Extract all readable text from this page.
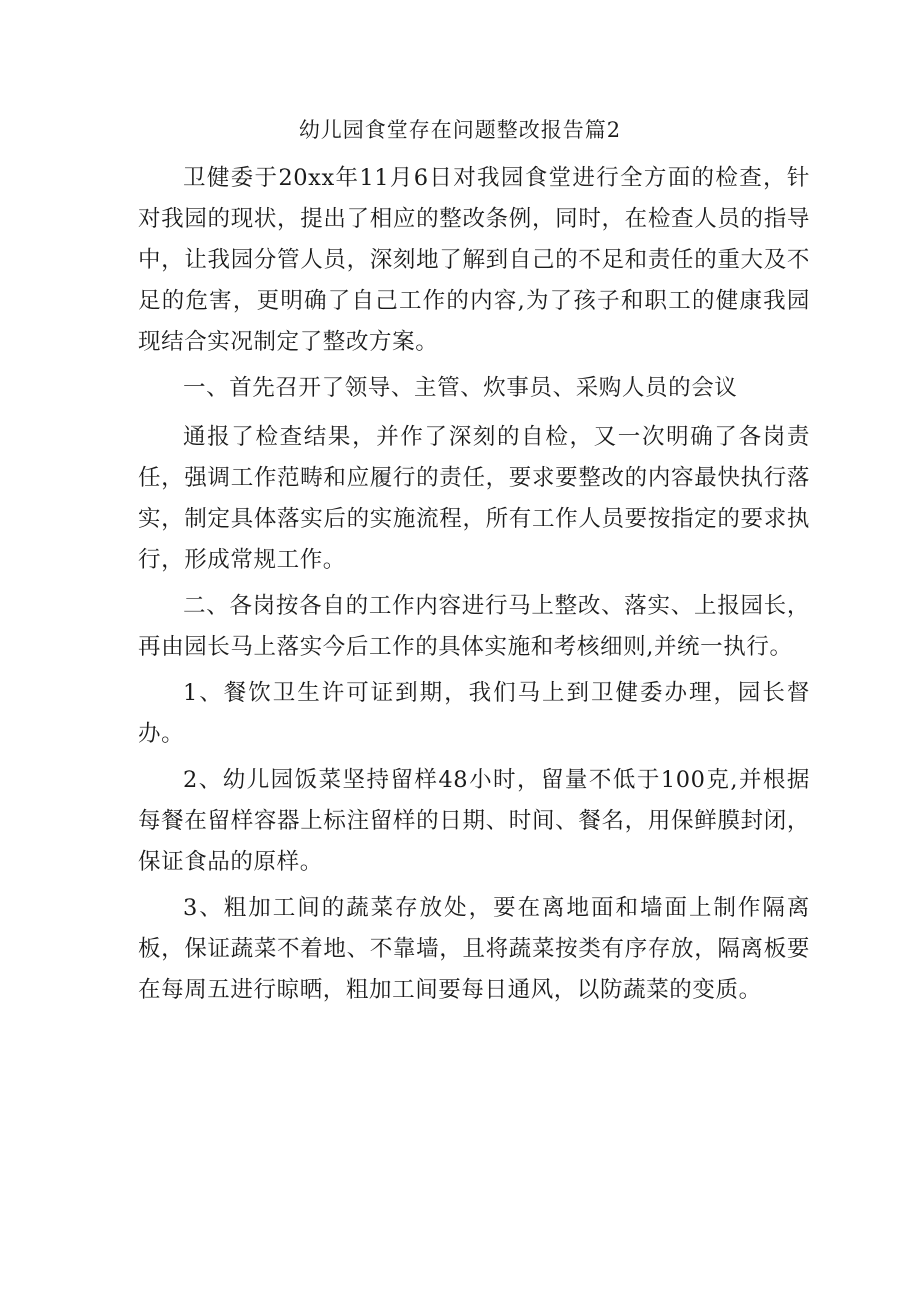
幼儿园食堂存在问题整改报告篇2

卫健委于20xx年11月6日对我园食堂进行全方面的检查，针对我园的现状，提出了相应的整改条例，同时，在检查人员的指导中，让我园分管人员，深刻地了解到自己的不足和责任的重大及不足的危害，更明确了自己工作的内容,为了孩子和职工的健康我园现结合实况制定了整改方案。

一、首先召开了领导、主管、炊事员、采购人员的会议

通报了检查结果，并作了深刻的自检，又一次明确了各岗责任，强调工作范畴和应履行的责任，要求要整改的内容最快执行落实，制定具体落实后的实施流程，所有工作人员要按指定的要求执行，形成常规工作。

二、各岗按各自的工作内容进行马上整改、落实、上报园长，再由园长马上落实今后工作的具体实施和考核细则,并统一执行。

1、餐饮卫生许可证到期，我们马上到卫健委办理，园长督办。

2、幼儿园饭菜坚持留样48小时，留量不低于100克,并根据每餐在留样容器上标注留样的日期、时间、餐名，用保鲜膜封闭，保证食品的原样。

3、粗加工间的蔬菜存放处，要在离地面和墙面上制作隔离板，保证蔬菜不着地、不靠墙，且将蔬菜按类有序存放，隔离板要在每周五进行晾晒，粗加工间要每日通风，以防蔬菜的变质。
